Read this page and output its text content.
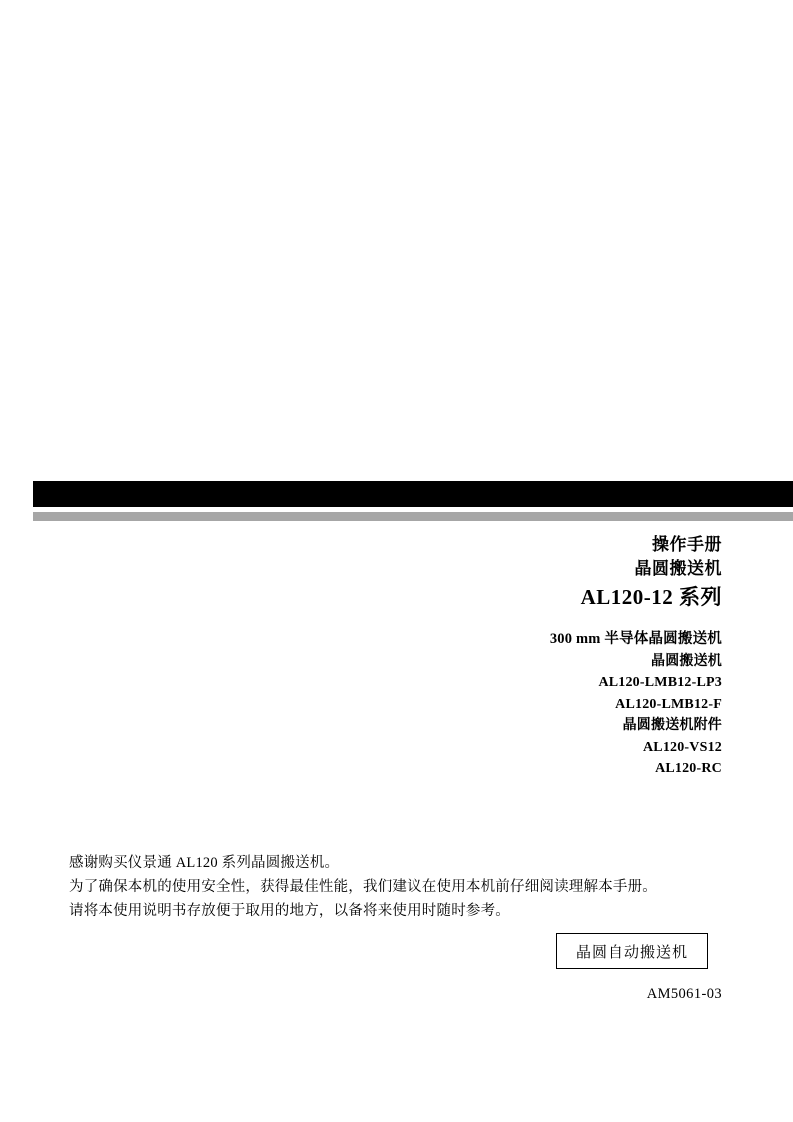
操作手册
晶圆搬送机
AL120-12 系列
300 mm 半导体晶圆搬送机
晶圆搬送机
AL120-LMB12-LP3
AL120-LMB12-F
晶圆搬送机附件
AL120-VS12
AL120-RC
感谢购买仪景通 AL120 系列晶圆搬送机。
为了确保本机的使用安全性，获得最佳性能，我们建议在使用本机前仔细阅读理解本手册。
请将本使用说明书存放便于取用的地方，以备将来使用时随时参考。
晶圆自动搬送机
AM5061-03
